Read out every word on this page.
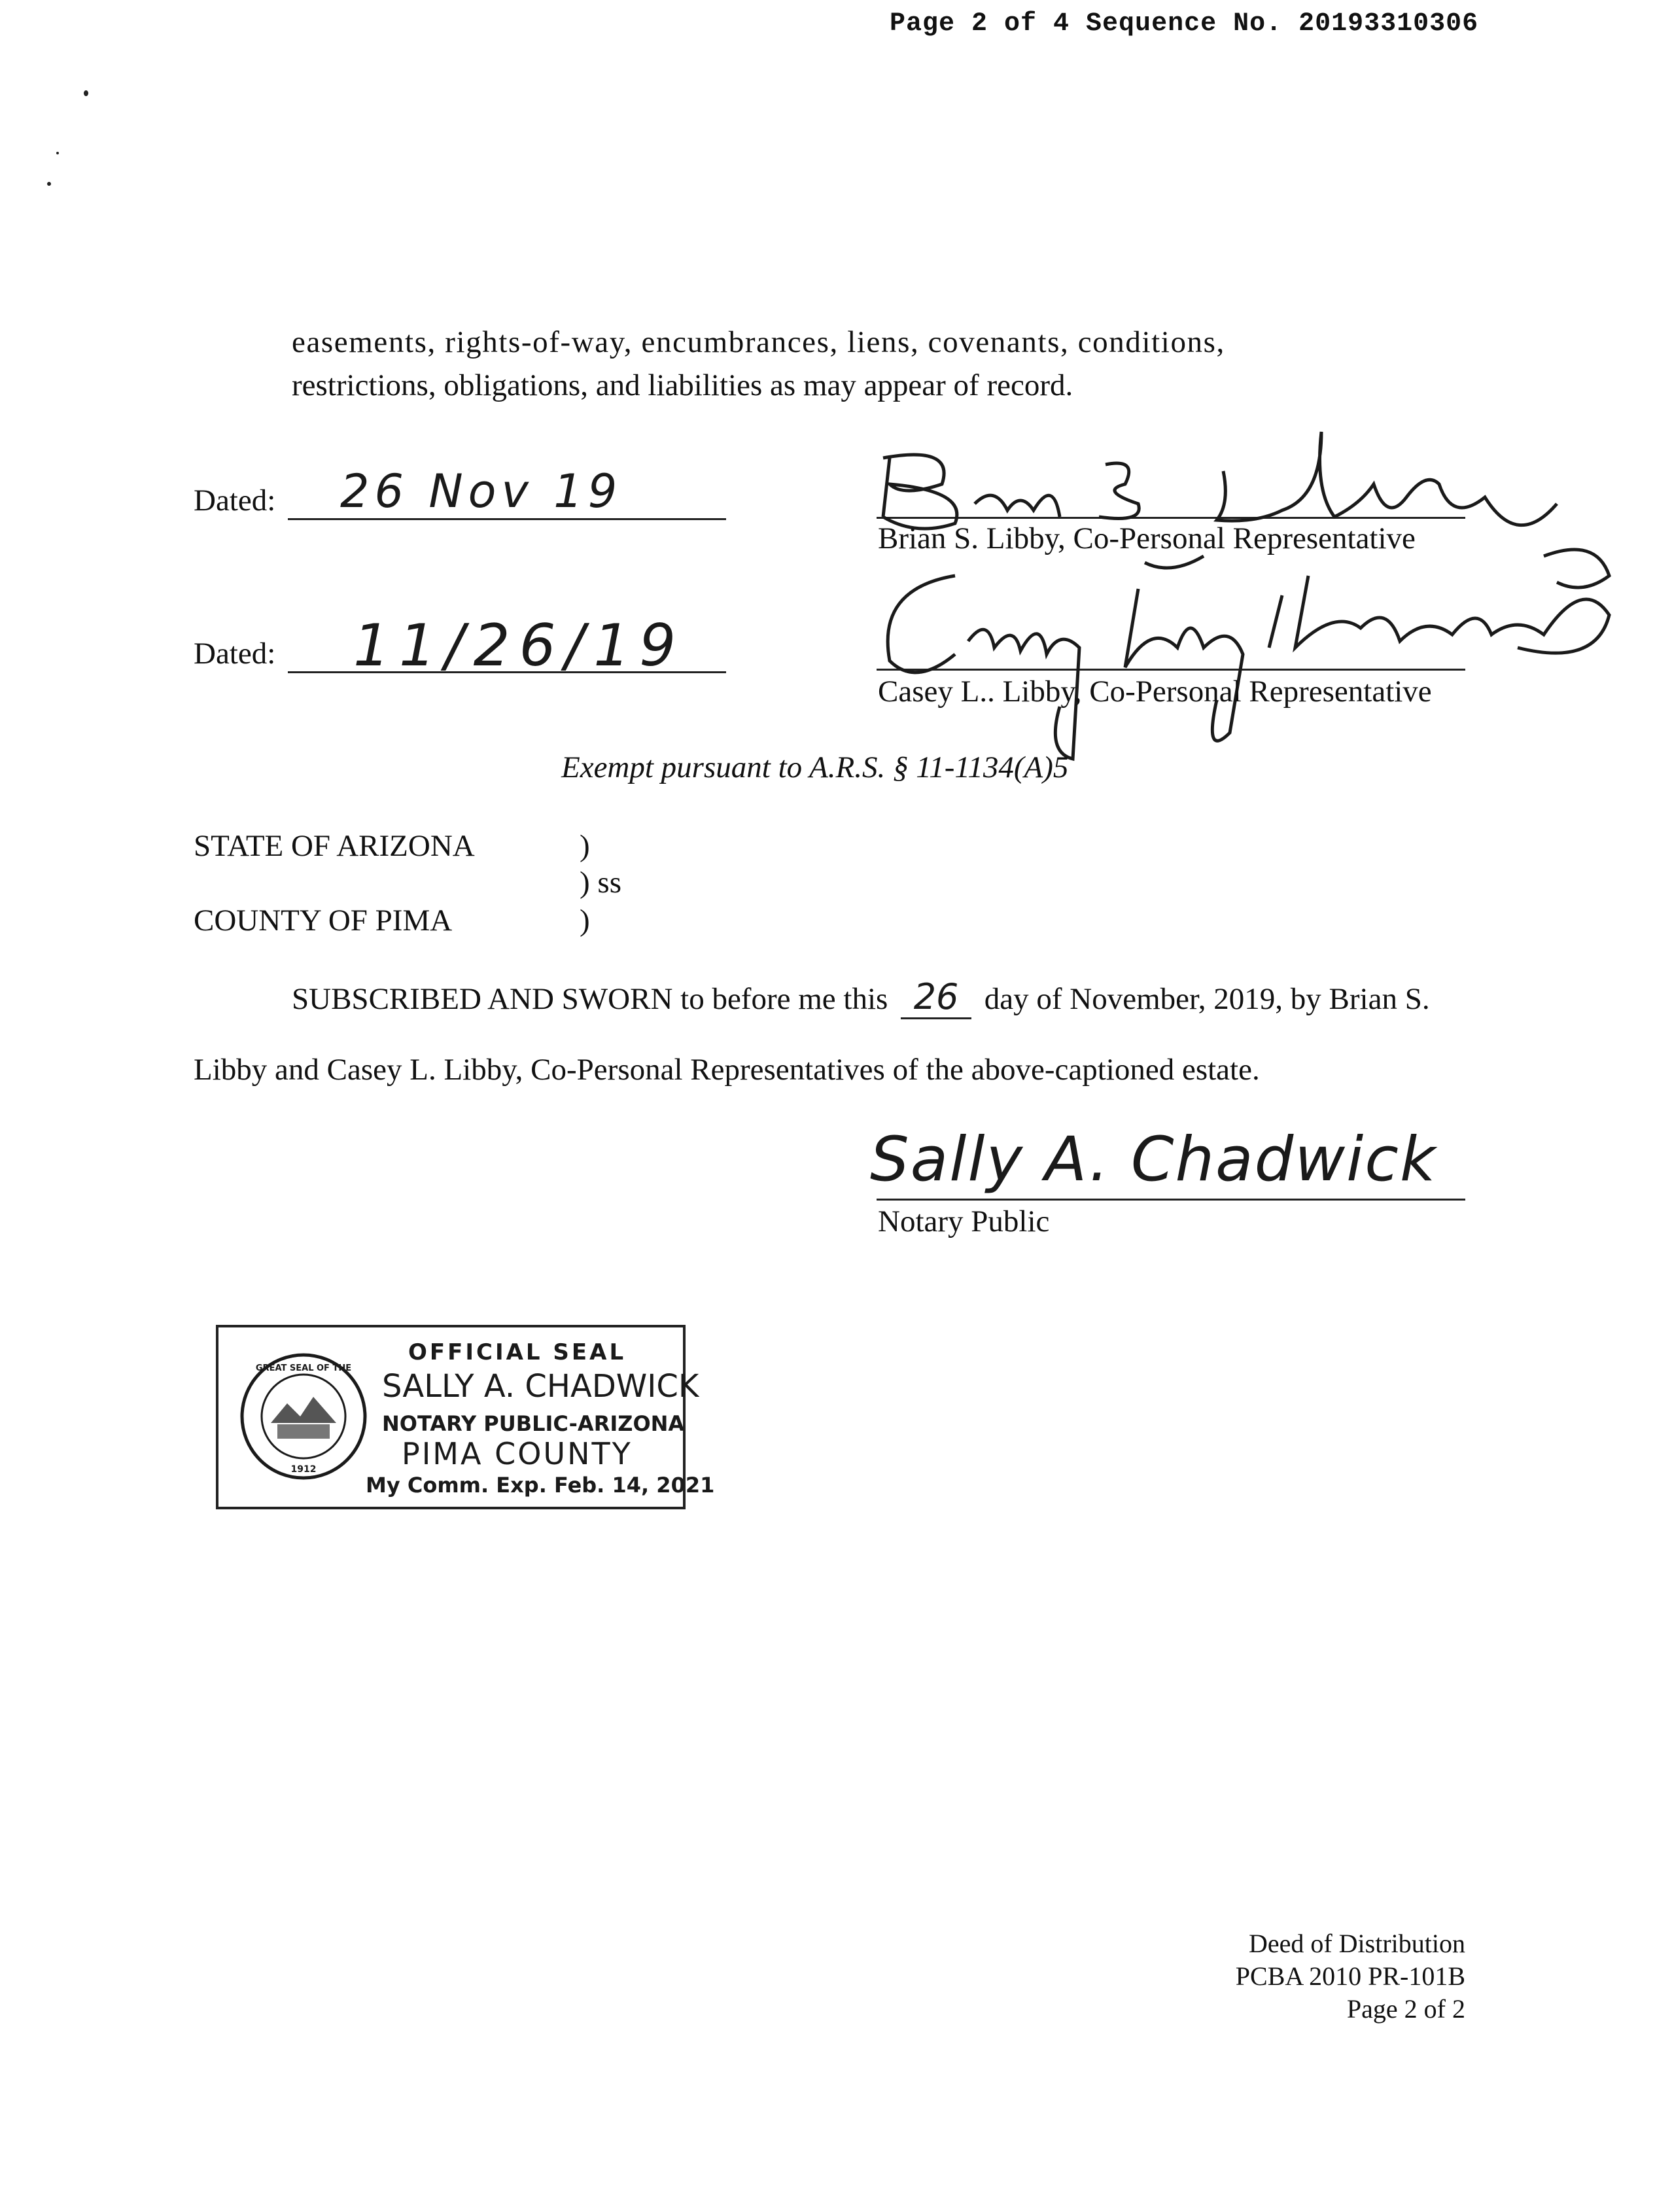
Page 2 of 4 Sequence No. 20193310306
easements, rights-of-way, encumbrances, liens, covenants, conditions,
restrictions, obligations, and liabilities as may appear of record.
Dated: 26 Nov 19
Dated: 11/26/19
Brian S. Libby, Co-Personal Representative
Casey L.. Libby, Co-Personal Representative
Exempt pursuant to A.R.S. § 11-1134(A)5
STATE OF ARIZONA	)
) ss
COUNTY OF PIMA	)
SUBSCRIBED AND SWORN to before me this 26 day of November, 2019, by Brian S.
Libby and Casey L. Libby, Co-Personal Representatives of the above-captioned estate.
Sally A. Chadwick
Notary Public
GREAT SEAL OF THE
1912
OFFICIAL SEAL
SALLY A. CHADWICK
NOTARY PUBLIC-ARIZONA
PIMA COUNTY
My Comm. Exp. Feb. 14, 2021
Deed of Distribution
PCBA 2010 PR-101B
Page 2 of 2
